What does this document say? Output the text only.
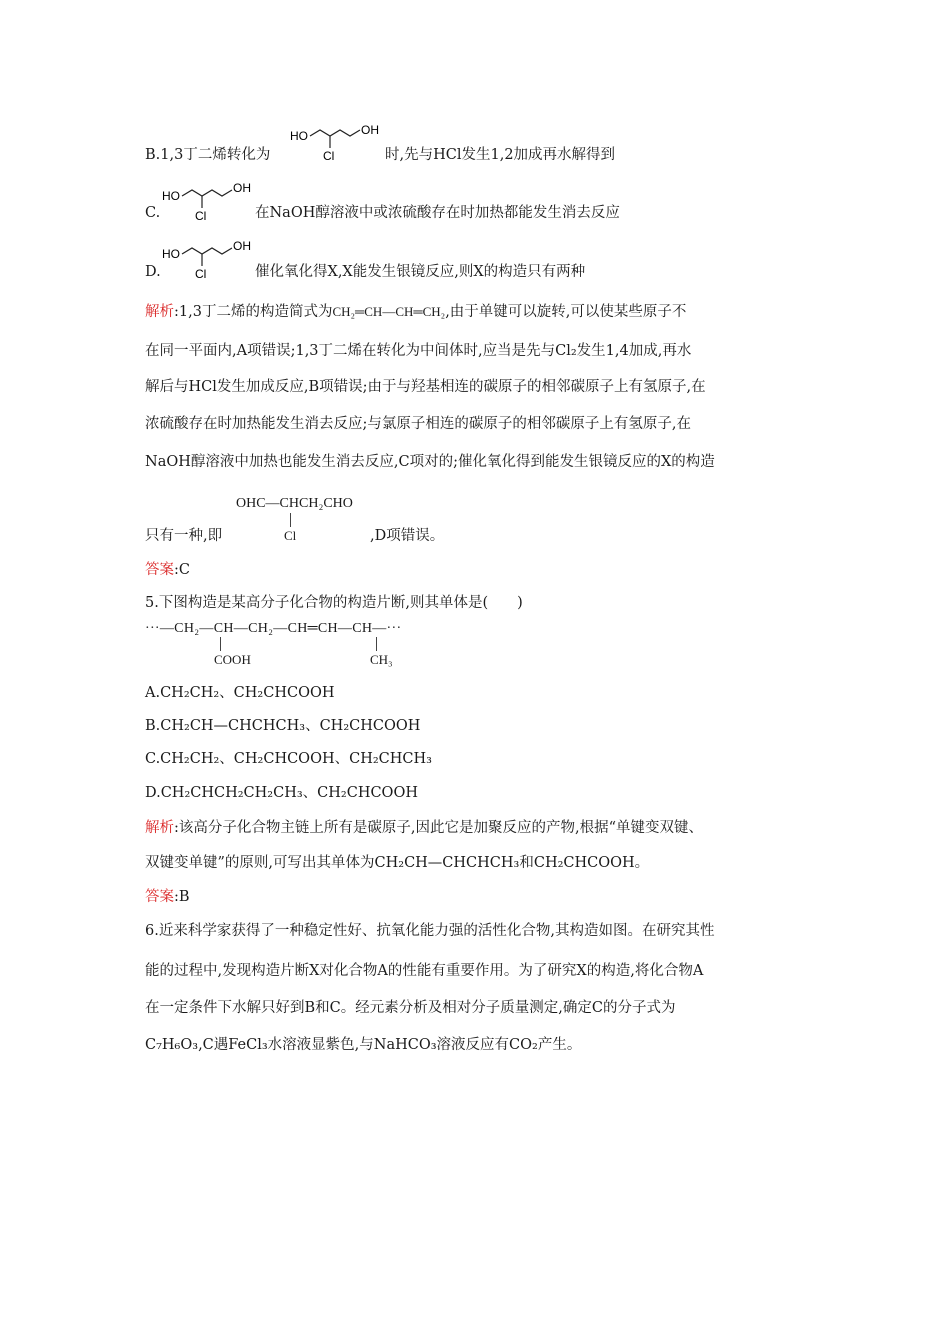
B.1,3丁二烯转化为
HO	OH
Cl	时,先与HCl发生1,2加成再水解得到
C.
HO
OH
Cl	在NaOH醇溶液中或浓硫酸存在时加热都能发生消去反应
D.
HO
OH
Cl	催化氧化得X,X能发生银镜反应,则X的构造只有两种
解析:1,3丁二烯的构造简式为CH₂═CH—CH═CH₂,由于单键可以旋转,可以使某些原子不
在同一平面内,A项错误;1,3丁二烯在转化为中间体时,应当是先与Cl₂发生1,4加成,再水
解后与HCl发生加成反应,B项错误;由于与羟基相连的碳原子的相邻碳原子上有氢原子,在
浓硫酸存在时加热能发生消去反应;与氯原子相连的碳原子的相邻碳原子上有氢原子,在
NaOH醇溶液中加热也能发生消去反应,C项对的;催化氧化得到能发生银镜反应的X的构造
OHC—CHCH₂CHO
Cl
只有一种,即	,D项错误。
答案:C
5.下图构造是某高分子化合物的构造片断,则其单体是(　　)
···—CH₂—CH—CH₂—CH═CH—CH—···
COOH	CH₃
A.CH₂CH₂、CH₂CHCOOH
B.CH₂CH—CHCHCH₃、CH₂CHCOOH
C.CH₂CH₂、CH₂CHCOOH、CH₂CHCH₃
D.CH₂CHCH₂CH₂CH₃、CH₂CHCOOH
解析:该高分子化合物主链上所有是碳原子,因此它是加聚反应的产物,根据“单键变双键、
双键变单键”的原则,可写出其单体为CH₂CH—CHCHCH₃和CH₂CHCOOH。
答案:B
6.近来科学家获得了一种稳定性好、抗氧化能力强的活性化合物,其构造如图。在研究其性
能的过程中,发现构造片断X对化合物A的性能有重要作用。为了研究X的构造,将化合物A
在一定条件下水解只好到B和C。经元素分析及相对分子质量测定,确定C的分子式为
C₇H₆O₃,C遇FeCl₃水溶液显紫色,与NaHCO₃溶液反应有CO₂产生。
